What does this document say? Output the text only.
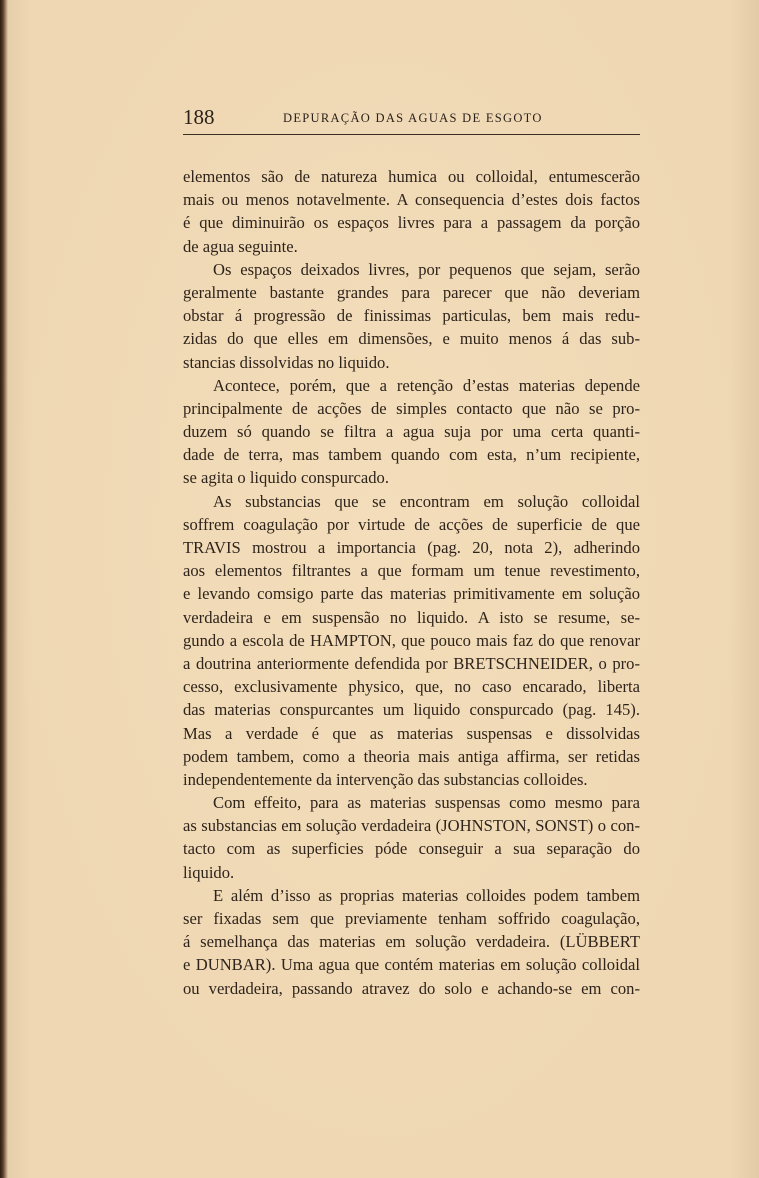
188	DEPURAÇÃO DAS AGUAS DE ESGOTO
elementos são de natureza humica ou colloidal, entumescerão
mais ou menos notavelmente. A consequencia d’estes dois factos
é que diminuirão os espaços livres para a passagem da porção
de agua seguinte.
Os espaços deixados livres, por pequenos que sejam, serão
geralmente bastante grandes para parecer que não deveriam
obstar á progressão de finissimas particulas, bem mais redu-
zidas do que elles em dimensões, e muito menos á das sub-
stancias dissolvidas no liquido.
Acontece, porém, que a retenção d’estas materias depende
principalmente de acções de simples contacto que não se pro-
duzem só quando se filtra a agua suja por uma certa quanti-
dade de terra, mas tambem quando com esta, n’um recipiente,
se agita o liquido conspurcado.
As substancias que se encontram em solução colloidal
soffrem coagulação por virtude de acções de superficie de que
TRAVIS mostrou a importancia (pag. 20, nota 2), adherindo
aos elementos filtrantes a que formam um tenue revestimento,
e levando comsigo parte das materias primitivamente em solução
verdadeira e em suspensão no liquido. A isto se resume, se-
gundo a escola de HAMPTON, que pouco mais faz do que renovar
a doutrina anteriormente defendida por BRETSCHNEIDER, o pro-
cesso, exclusivamente physico, que, no caso encarado, liberta
das materias conspurcantes um liquido conspurcado (pag. 145).
Mas a verdade é que as materias suspensas e dissolvidas
podem tambem, como a theoria mais antiga affirma, ser retidas
independentemente da intervenção das substancias colloides.
Com effeito, para as materias suspensas como mesmo para
as substancias em solução verdadeira (JOHNSTON, SONST) o con-
tacto com as superficies póde conseguir a sua separação do
liquido.
E além d’isso as proprias materias colloides podem tambem
ser fixadas sem que previamente tenham soffrido coagulação,
á semelhança das materias em solução verdadeira. (LÜBBERT
e DUNBAR). Uma agua que contém materias em solução colloidal
ou verdadeira, passando atravez do solo e achando-se em con-
